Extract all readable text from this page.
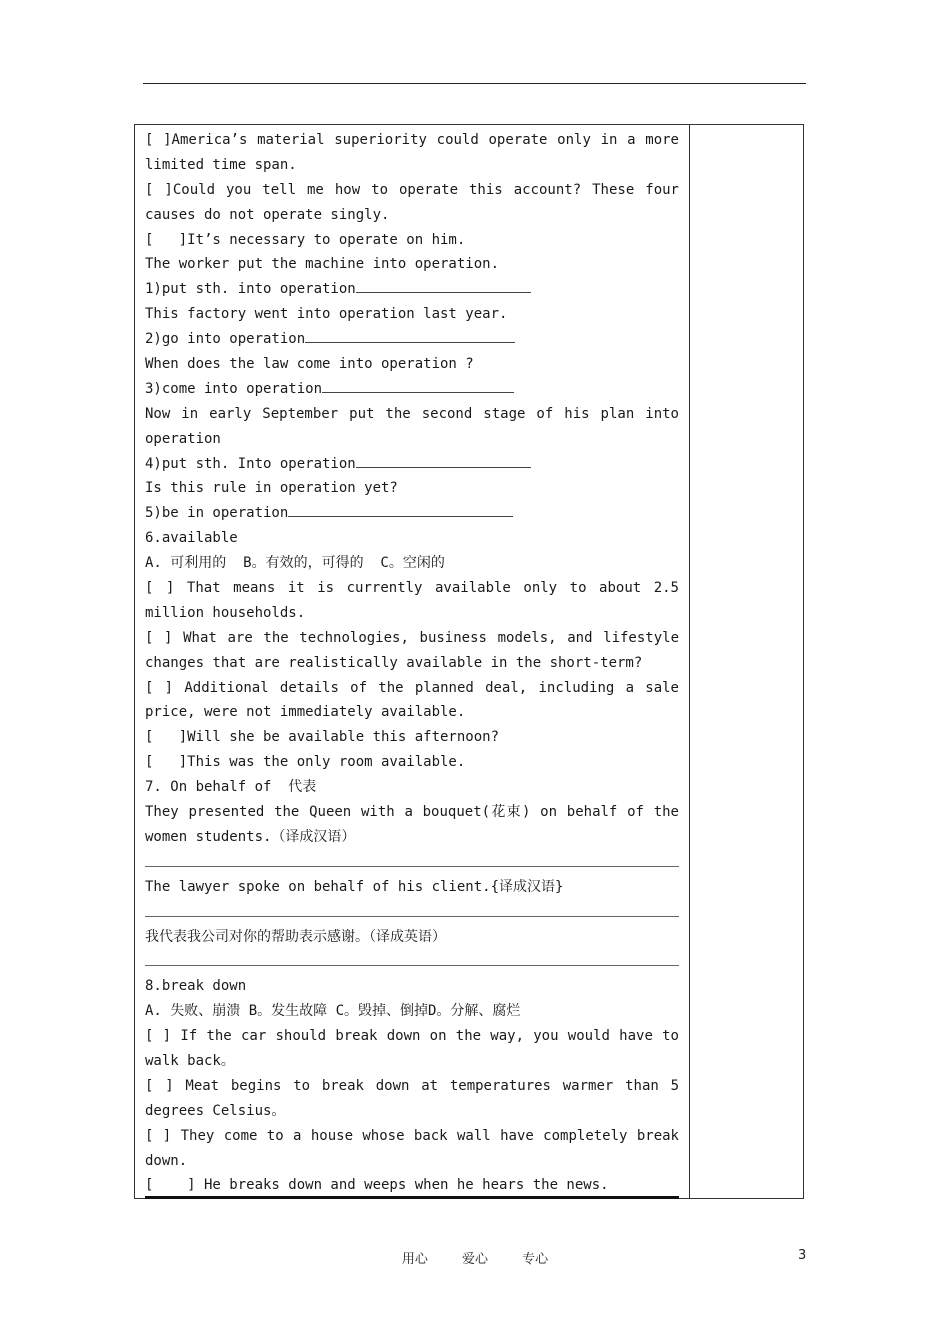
[ ]America’s material superiority could operate only in a more
limited time span.
[ ]Could you tell me how to operate this account? These four
causes do not operate singly.
[   ]It’s necessary to operate on him.
The worker put the machine into operation.
1)put sth. into operation
This factory went into operation last year.
2)go into operation
When does the law come into operation ?
3)come into operation
Now in early September put the second stage of his plan into
operation
4)put sth. Into operation
Is this rule in operation yet?
5)be in operation
6.available
A. 可利用的  B。有效的，可得的  C。空闲的
[ ] That means it is currently available only to about 2.5
million households.
[ ] What are the technologies, business models, and lifestyle
changes that are realistically available in the short-term?
[ ] Additional details of the planned deal, including a sale
price, were not immediately available.
[   ]Will she be available this afternoon?
[   ]This was the only room available.
7. On behalf of  代表
They presented the Queen with a bouquet(花束) on behalf of the
women students.（译成汉语）
The lawyer spoke on behalf of his client.{译成汉语}
我代表我公司对你的帮助表示感谢。（译成英语）
8.break down
A. 失败、崩溃 B。发生故障 C。毁掉、倒掉D。分解、腐烂
[ ] If the car should break down on the way, you would have to
walk back。
[ ] Meat begins to break down at temperatures warmer than 5
degrees Celsius。
[ ] They come to a house whose back wall have completely break
down.
[    ] He breaks down and weeps when he hears the news.
用心 爱心 专心	3
